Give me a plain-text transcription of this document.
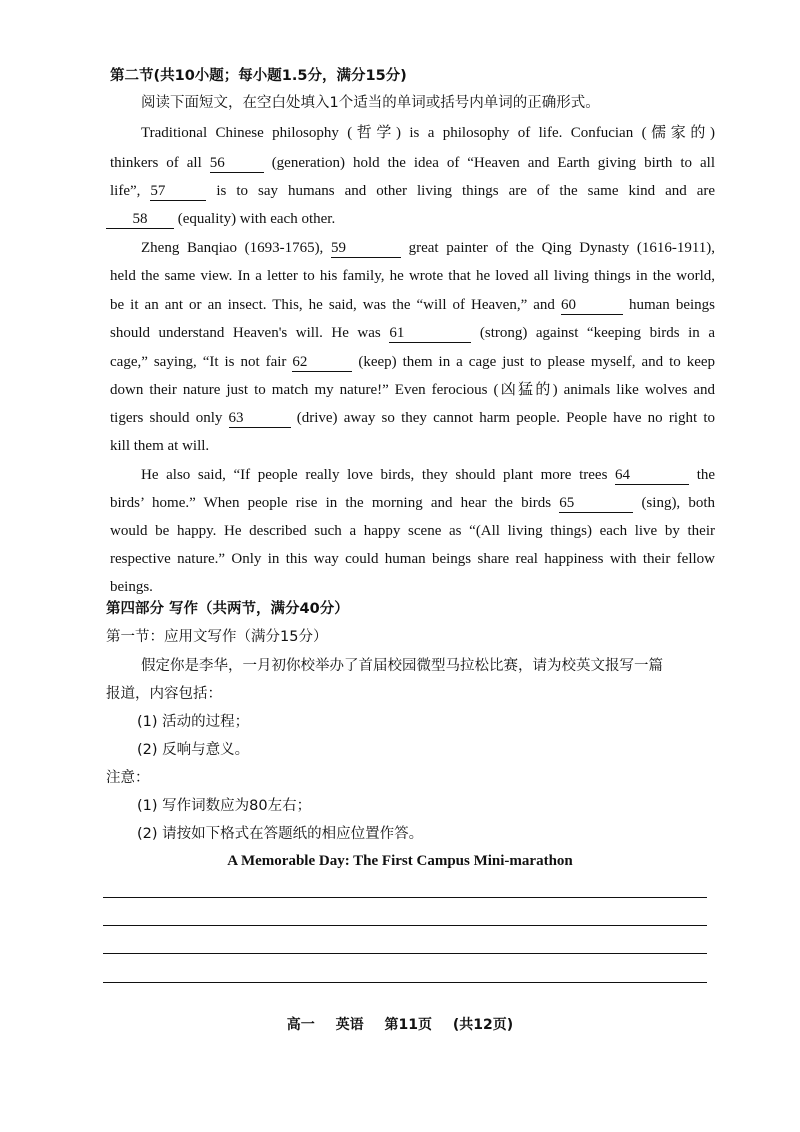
第二节(共10小题；每小题1.5分，满分15分)
阅读下面短文，在空白处填入1个适当的单词或括号内单词的正确形式。
Traditional Chinese philosophy (哲学) is a philosophy of life. Confucian (儒家的)
thinkers of all 56	(generation) hold the idea of “Heaven and Earth giving birth to all
life”, 57	is to say humans and other living things are of the same kind and are
58 (equality) with each other.
Zheng Banqiao (1693-1765), 59	great painter of the Qing Dynasty (1616-1911),
held the same view. In a letter to his family, he wrote that he loved all living things in the world,
be it an ant or an insect. This, he said, was the “will of Heaven,” and 60	human beings
should understand Heaven's will. He was 61	(strong) against “keeping birds in a
cage,” saying, “It is not fair 62	(keep) them in a cage just to please myself, and to keep
down their nature just to match my nature!” Even ferocious (凶猛的) animals like wolves and
tigers should only 63	(drive) away so they cannot harm people. People have no right to
kill them at will.
He also said, “If people really love birds, they should plant more trees 64	the
birds’ home.” When people rise in the morning and hear the birds 65	(sing), both
would be happy. He described such a happy scene as “(All living things) each live by their
respective nature.” Only in this way could human beings share real happiness with their fellow
beings.
第四部分 写作（共两节，满分40分）
第一节：应用文写作（满分15分）
假定你是李华，一月初你校举办了首届校园微型马拉松比赛，请为校英文报写一篇
报道，内容包括：
(1) 活动的过程；
(2) 反响与意义。
注意：
(1) 写作词数应为80左右；
(2) 请按如下格式在答题纸的相应位置作答。
A Memorable Day: The First Campus Mini-marathon
高一 英语 第11页 (共12页)
